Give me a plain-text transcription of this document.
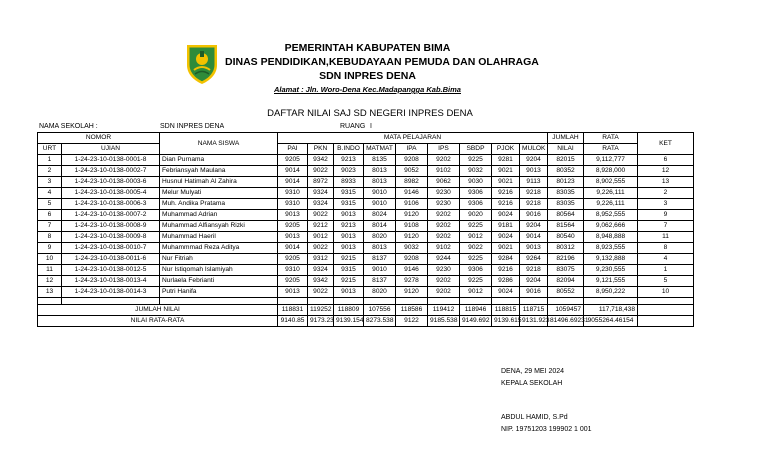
PEMERINTAH KABUPATEN BIMA
DINAS PENDIDIKAN,KEBUDAYAAN PEMUDA DAN OLAHRAGA
SDN INPRES DENA
Alamat : Jln. Woro-Dena Kec.Madapangga Kab.Bima
DAFTAR NILAI SAJ SD NEGERI INPRES DENA
NAMA SEKOLAH :	SDN INPRES DENA	RUANG I
NOMOR		NAMA SISWA	MATA PELAJARAN									JUMLAH	RATA	KET
URT	UJIAN		PAI	PKN	B.INDO	MATMAT	IPA	IPS	SBDP	PJOK	MULOK	NILAI	RATA	
1	1-24-23-10-0138-0001-8	Dian Purnama	9205	9342	9213	8135	9208	9202	9225	9281	9204	82015	9,112,777	6
2	1-24-23-10-0138-0002-7	Febriansyah Maulana	9014	9022	9023	8013	9052	9102	9032	9021	9013	80352	8,928,000	12
3	1-24-23-10-0138-0003-6	Husnul Hatimah Al Zahira	9014	8972	8933	8013	8982	9062	9030	9021	9113	80123	8,902,555	13
4	1-24-23-10-0138-0005-4	Melur Mulyati	9310	9324	9315	9010	9146	9230	9306	9216	9218	83035	9,226,111	2
5	1-24-23-10-0138-0006-3	Muh. Andika Pratama	9310	9324	9315	9010	9106	9230	9306	9216	9218	83035	9,226,111	3
6	1-24-23-10-0138-0007-2	Muhammad Adrian	9013	9022	9013	8024	9120	9202	9020	9024	9016	80564	8,952,555	9
7	1-24-23-10-0138-0008-9	Muhammad Alfiansyah Rizki	9205	9212	9213	8014	9108	9202	9225	9181	9204	81564	9,062,666	7
8	1-24-23-10-0138-0009-8	Muhammad Haeril	9013	9012	9013	8020	9120	9202	9012	9024	9014	80540	8,948,888	11
9	1-24-23-10-0138-0010-7	Muhammmad Reza Aditya	9014	9022	9013	8013	9032	9102	9022	9021	9013	80312	8,923,555	8
10	1-24-23-10-0138-0011-6	Nur Fitriah	9205	9312	9215	8137	9208	9244	9225	9284	9264	82196	9,132,888	4
11	1-24-23-10-0138-0012-5	Nur Istiqomah Islamiyah	9310	9324	9315	9010	9146	9230	9306	9216	9218	83075	9,230,555	1
12	1-24-23-10-0138-0013-4	Nurlaela Febrianti	9205	9342	9215	8137	9278	9202	9225	9286	9204	82094	9,121,555	5
13	1-24-23-10-0138-0014-3	Putri Hanifa	9013	9022	9013	8020	9120	9202	9012	9024	9016	80552	8,950,222	10

JUMLAH NILAI			118831	119252	118809	107556	118586	119412	118946	118815	118715	1059457	117,718,438	
NILAI RATA-RATA			9140.85	9173.23	9139.154	8273.538	9122	9185.538	9149.692	9139.615	9131.923	81496.69231	9055264.46154	
DENA, 29 MEI 2024
KEPALA SEKOLAH
ABDUL HAMID, S.Pd
NIP. 19751203 199902 1 001
